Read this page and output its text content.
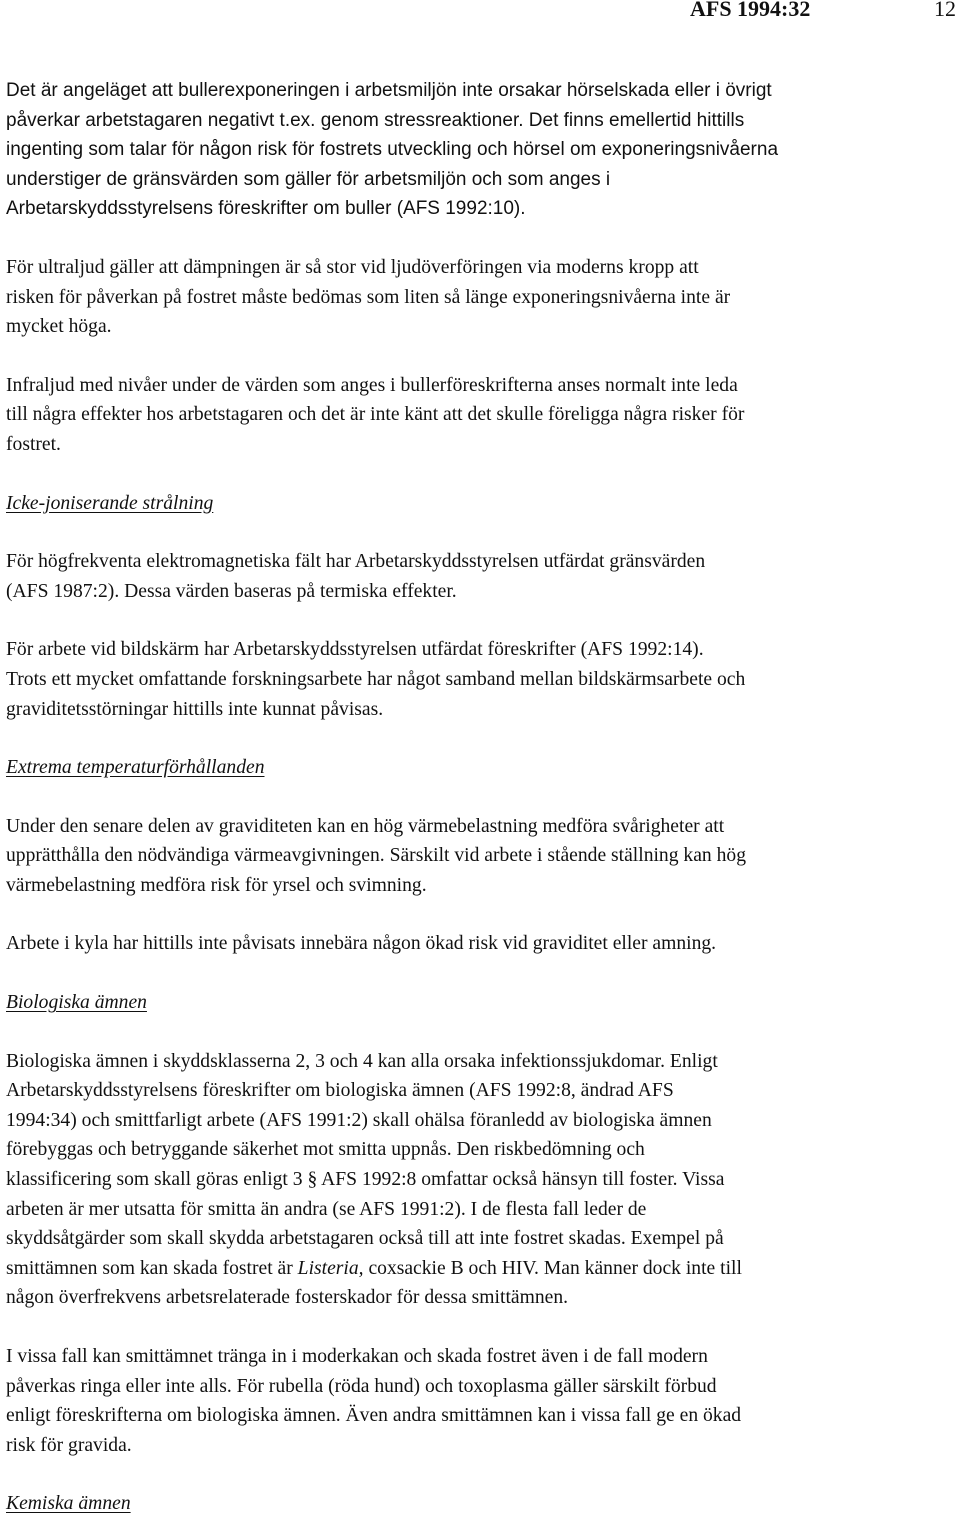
AFS 1994:32	12
Det är angeläget att bullerexponeringen i arbetsmiljön inte orsakar hörselskada eller i övrigt
påverkar arbetstagaren negativt t.ex. genom stressreaktioner. Det finns emellertid hittills
ingenting som talar för någon risk för fostrets utveckling och hörsel om exponeringsnivåerna
understiger de gränsvärden som gäller för arbetsmiljön och som anges i
Arbetarskyddsstyrelsens föreskrifter om buller (AFS 1992:10).
För ultraljud gäller att dämpningen är så stor vid ljudöverföringen via moderns kropp att
risken för påverkan på fostret måste bedömas som liten så länge exponeringsnivåerna inte är
mycket höga.
Infraljud med nivåer under de värden som anges i bullerföreskrifterna anses normalt inte leda
till några effekter hos arbetstagaren och det är inte känt att det skulle föreligga några risker för
fostret.
Icke-joniserande strålning
För högfrekventa elektromagnetiska fält har Arbetarskyddsstyrelsen utfärdat gränsvärden
(AFS 1987:2). Dessa värden baseras på termiska effekter.
För arbete vid bildskärm har Arbetarskyddsstyrelsen utfärdat föreskrifter (AFS 1992:14).
Trots ett mycket omfattande forskningsarbete har något samband mellan bildskärmsarbete och
graviditetsstörningar hittills inte kunnat påvisas.
Extrema temperaturförhållanden
Under den senare delen av graviditeten kan en hög värmebelastning medföra svårigheter att
upprätthålla den nödvändiga värmeavgivningen. Särskilt vid arbete i stående ställning kan hög
värmebelastning medföra risk för yrsel och svimning.
Arbete i kyla har hittills inte påvisats innebära någon ökad risk vid graviditet eller amning.
Biologiska ämnen
Biologiska ämnen i skyddsklasserna 2, 3 och 4 kan alla orsaka infektionssjukdomar. Enligt
Arbetarskyddsstyrelsens föreskrifter om biologiska ämnen (AFS 1992:8, ändrad AFS
1994:34) och smittfarligt arbete (AFS 1991:2) skall ohälsa föranledd av biologiska ämnen
förebyggas och betryggande säkerhet mot smitta uppnås. Den riskbedömning och
klassificering som skall göras enligt 3 § AFS 1992:8 omfattar också hänsyn till foster. Vissa
arbeten är mer utsatta för smitta än andra (se AFS 1991:2). I de flesta fall leder de
skyddsåtgärder som skall skydda arbetstagaren också till att inte fostret skadas. Exempel på
smittämnen som kan skada fostret är Listeria, coxsackie B och HIV. Man känner dock inte till
någon överfrekvens arbetsrelaterade fosterskador för dessa smittämnen.
I vissa fall kan smittämnet tränga in i moderkakan och skada fostret även i de fall modern
påverkas ringa eller inte alls. För rubella (röda hund) och toxoplasma gäller särskilt förbud
enligt föreskrifterna om biologiska ämnen. Även andra smittämnen kan i vissa fall ge en ökad
risk för gravida.
Kemiska ämnen
